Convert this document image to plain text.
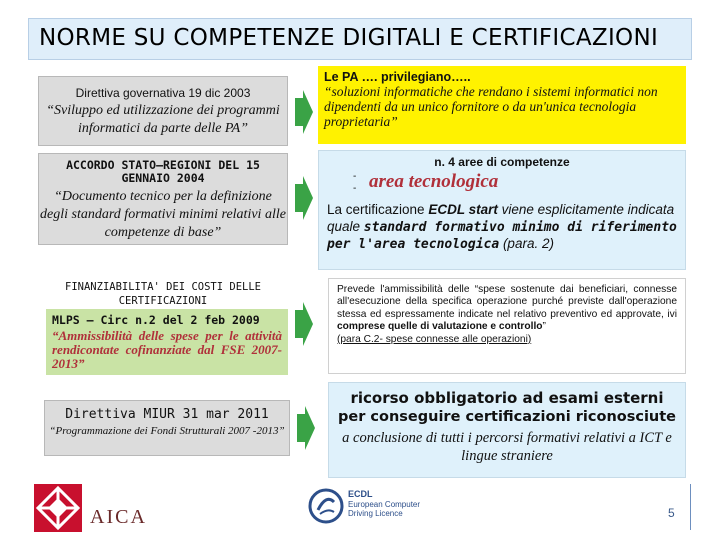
NORME SU COMPETENZE DIGITALI E CERTIFICAZIONI
Direttiva governativa 19 dic 2003
“Sviluppo ed utilizzazione dei programmi informatici da parte delle PA”
ACCORDO STATO–REGIONI DEL 15 GENNAIO 2004
“Documento tecnico per la definizione degli standard formativi minimi relativi alle competenze di base”
FINANZIABILITA' DEI COSTI DELLE CERTIFICAZIONI
MLPS – Circ n.2 del 2 feb 2009
“Ammissibilità delle spese per le attività rendicontate cofinanziate dal FSE 2007-2013”
Direttiva MIUR 31 mar 2011
“Programmazione dei Fondi Strutturali 2007 -2013”
Le PA …. privilegiano…..
“soluzioni informatiche che rendano i sistemi informatici non dipendenti da un unico fornitore o da un'unica tecnologia proprietaria”
n. 4 aree di competenze
-
- area tecnologica
La certificazione ECDL start viene esplicitamente indicata quale standard formativo minimo di riferimento per l'area tecnologica (para. 2)
Prevede l'ammissibilità delle “spese sostenute dai beneficiari, connesse all'esecuzione della specifica operazione purché previste dall'operazione stessa ed espressamente indicate nel relativo preventivo ed approvate, ivi comprese quelle di valutazione e controllo”
(para C.2- spese connesse alle operazioni)
ricorso obbligatorio ad esami esterni
per conseguire certificazioni riconosciute
a conclusione di tutti i percorsi formativi relativi a ICT e lingue straniere
AICA
ECDL
European Computer
Driving Licence	5
